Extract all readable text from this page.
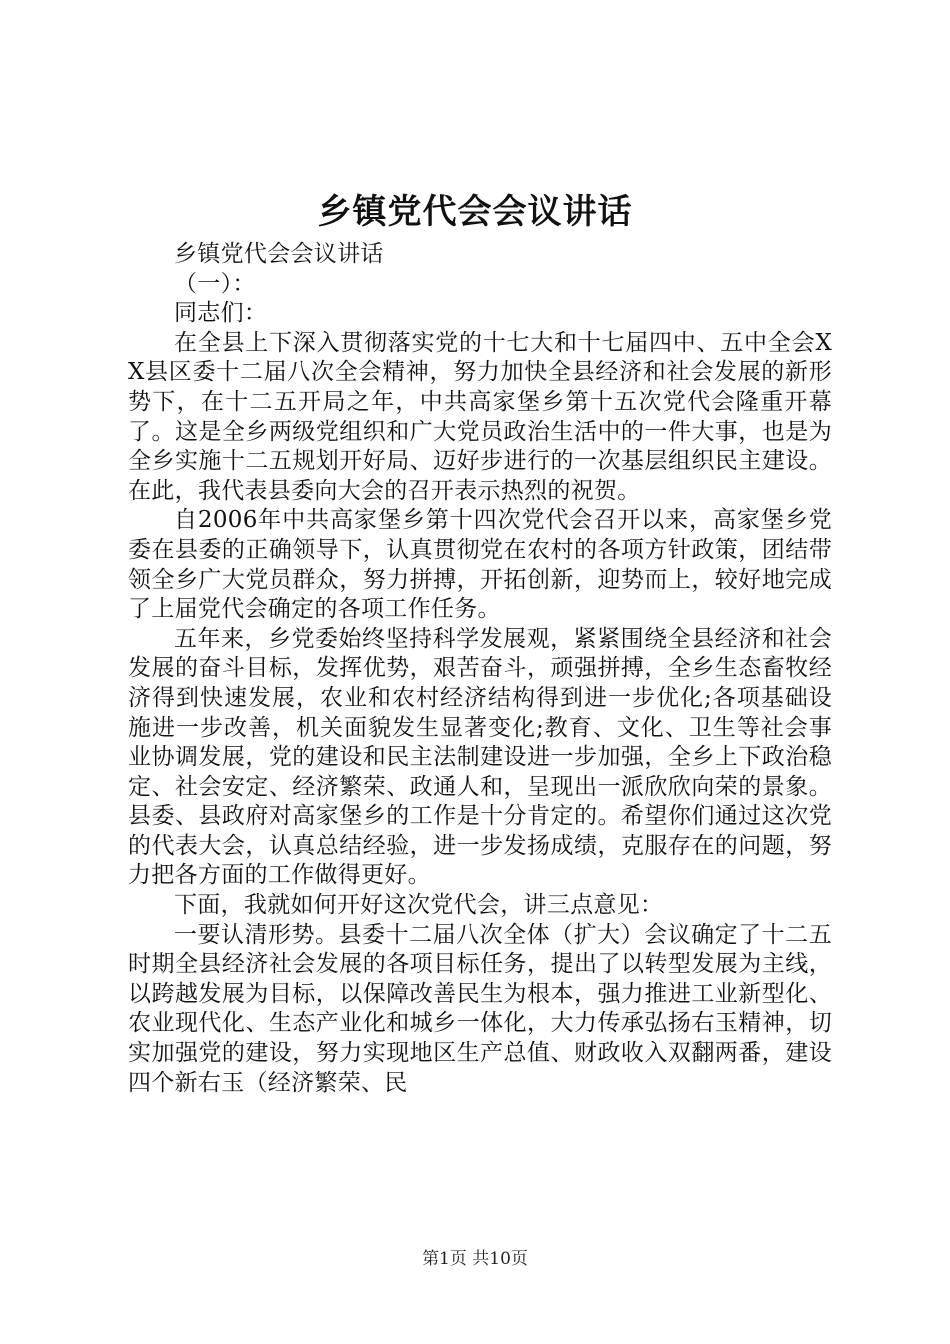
乡镇党代会会议讲话

乡镇党代会会议讲话

（一）：

同志们：

在全县上下深入贯彻落实党的十七大和十七届四中、五中全会XX县区委十二届八次全会精神，努力加快全县经济和社会发展的新形势下，在十二五开局之年，中共高家堡乡第十五次党代会隆重开幕了。这是全乡两级党组织和广大党员政治生活中的一件大事，也是为全乡实施十二五规划开好局、迈好步进行的一次基层组织民主建设。在此，我代表县委向大会的召开表示热烈的祝贺。

自2006年中共高家堡乡第十四次党代会召开以来，高家堡乡党委在县委的正确领导下，认真贯彻党在农村的各项方针政策，团结带领全乡广大党员群众，努力拼搏，开拓创新，迎势而上，较好地完成了上届党代会确定的各项工作任务。

五年来，乡党委始终坚持科学发展观，紧紧围绕全县经济和社会发展的奋斗目标，发挥优势，艰苦奋斗，顽强拼搏，全乡生态畜牧经济得到快速发展，农业和农村经济结构得到进一步优化;各项基础设施进一步改善，机关面貌发生显著变化;教育、文化、卫生等社会事业协调发展，党的建设和民主法制建设进一步加强，全乡上下政治稳定、社会安定、经济繁荣、政通人和，呈现出一派欣欣向荣的景象。县委、县政府对高家堡乡的工作是十分肯定的。希望你们通过这次党的代表大会，认真总结经验，进一步发扬成绩，克服存在的问题，努力把各方面的工作做得更好。

下面，我就如何开好这次党代会，讲三点意见：

一要认清形势。县委十二届八次全体（扩大）会议确定了十二五时期全县经济社会发展的各项目标任务，提出了以转型发展为主线，以跨越发展为目标，以保障改善民生为根本，强力推进工业新型化、农业现代化、生态产业化和城乡一体化，大力传承弘扬右玉精神，切实加强党的建设，努力实现地区生产总值、财政收入双翻两番，建设四个新右玉（经济繁荣、民

第1页 共10页
